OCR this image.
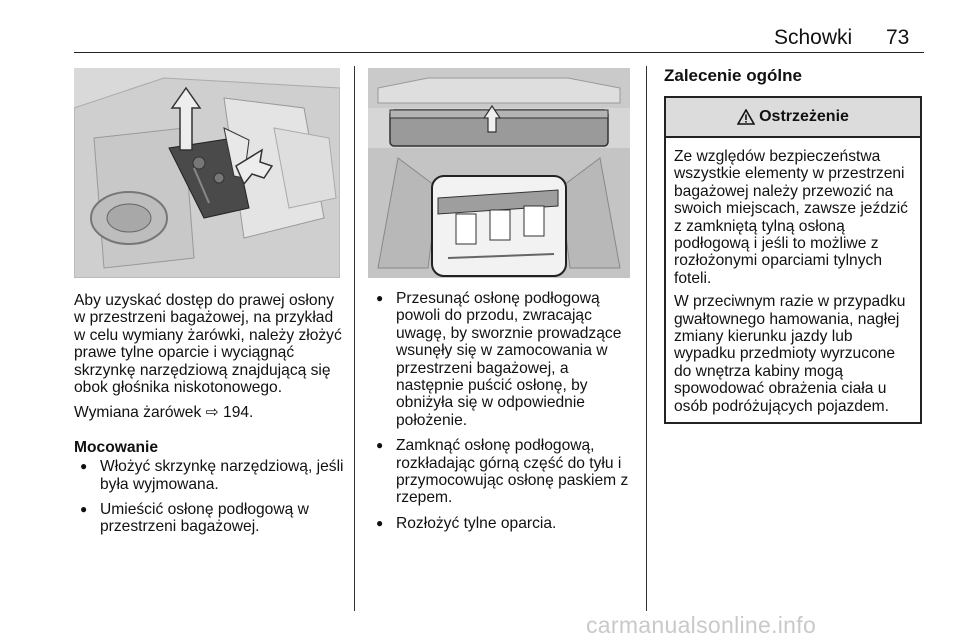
Schowki 73

Aby uzyskać dostęp do prawej osłony w przestrzeni bagażowej, na przykład w celu wymiany żarówki, należy złożyć prawe tylne oparcie i wyciągnąć skrzynkę narzędziową znajdującą się obok głośnika niskotonowego.

Wymiana żarówek ⇨ 194.

Mocowanie

● Włożyć skrzynkę narzędziową, jeśli była wyjmowana.
● Umieścić osłonę podłogową w przestrzeni bagażowej.
● Przesunąć osłonę podłogową powoli do przodu, zwracając uwagę, by sworznie prowadzące wsunęły się w zamocowania w przestrzeni bagażowej, a następnie puścić osłonę, by obniżyła się w odpowiednie położenie.
● Zamknąć osłonę podłogową, rozkładając górną część do tyłu i przymocowując osłonę paskiem z rzepem.
● Rozłożyć tylne oparcia.
Zalecenie ogólne
Ostrzeżenie

Ze względów bezpieczeństwa wszystkie elementy w przestrzeni bagażowej należy przewozić na swoich miejscach, zawsze jeździć z zamkniętą tylną osłoną podłogową i jeśli to możliwe z rozłożonymi oparciami tylnych foteli.

W przeciwnym razie w przypadku gwałtownego hamowania, nagłej zmiany kierunku jazdy lub wypadku przedmioty wyrzucone do wnętrza kabiny mogą spowodować obrażenia ciała u osób podróżujących pojazdem.

carmanualsonline.info
